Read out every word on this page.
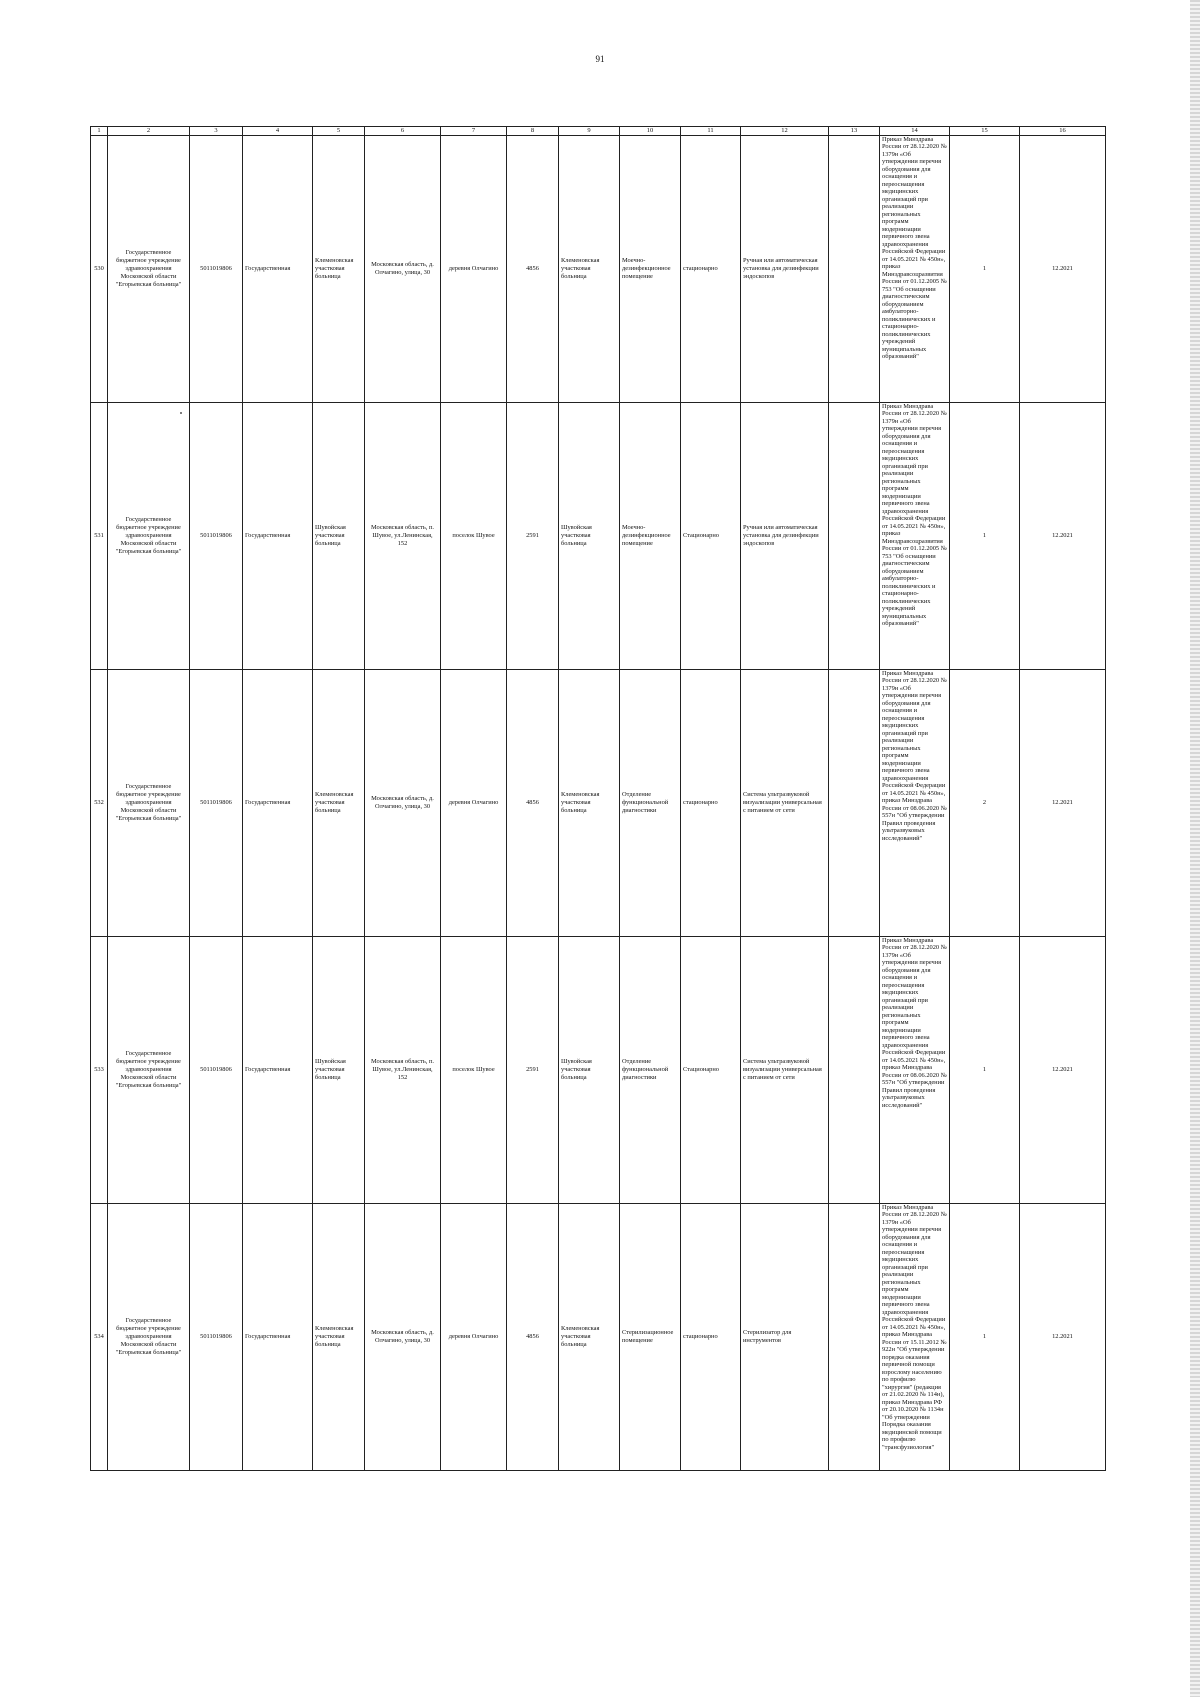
91
1	2	3	4	5	6	7	8	9	10	11	12	13	14	15	16
530	Государственное бюджетное учреждение здравоохранения Московской области "Егорьевская больница"	5011019806	Государственная	Клеменовская участковая больница	Московская область, д. Олчагино, улица, 30	деревня Олчагино	4856	Клеменовская участковая больница	Моечно-дезинфекционное помещение	стационарно	Ручная или автоматическая установка для дезинфекции эндоскопов		Приказ Минздрава России от 28.12.2020 № 1379н «Об утверждении перечня оборудования для оснащения и переоснащения медицинских организаций при реализации региональных программ модернизации первичного звена здравоохранения Российской Федерации от 14.05.2021 № 450н», приказ Минздравсоцразвития России от 01.12.2005 № 753 "Об оснащении диагностическим оборудованием амбулаторно-поликлинических и стационарно-поликлинических учреждений муниципальных образований"	1	12.2021
531	Государственное бюджетное учреждение здравоохранения Московской области "Егорьевская больница"	5011019806	Государственная	Шувойская участковая больница	Московская область, п. Шувое, ул.Ленинская, 152	поселок Шувое	2591	Шувойская участковая больница	Моечно-дезинфекционное помещение	Стационарно	Ручная или автоматическая установка для дезинфекции эндоскопов		Приказ Минздрава России от 28.12.2020 № 1379н «Об утверждении перечня оборудования для оснащения и переоснащения медицинских организаций при реализации региональных программ модернизации первичного звена здравоохранения Российской Федерации от 14.05.2021 № 450н», приказ Минздравсоцразвития России от 01.12.2005 № 753 "Об оснащении диагностическим оборудованием амбулаторно-поликлинических и стационарно-поликлинических учреждений муниципальных образований"	1	12.2021
532	Государственное бюджетное учреждение здравоохранения Московской области "Егорьевская больница"	5011019806	Государственная	Клеменовская участковая больница	Московская область, д. Олчагино, улица, 30	деревня Олчагино	4856	Клеменовская участковая больница	Отделение функциональной диагностики	стационарно	Система ультразвуковой визуализации универсальная с питанием от сети		Приказ Минздрава России от 28.12.2020 № 1379н «Об утверждении перечня оборудования для оснащения и переоснащения медицинских организаций при реализации региональных программ модернизации первичного звена здравоохранения Российской Федерации от 14.05.2021 № 450н», приказ Минздрава России от 08.06.2020 № 557н "Об утверждении Правил проведения ультразвуковых исследований"	2	12.2021
533	Государственное бюджетное учреждение здравоохранения Московской области "Егорьевская больница"	5011019806	Государственная	Шувойская участковая больница	Московская область, п. Шувое, ул.Ленинская, 152	поселок Шувое	2591	Шувойская участковая больница	Отделение функциональной диагностики	Стационарно	Система ультразвуковой визуализации универсальная с питанием от сети		Приказ Минздрава России от 28.12.2020 № 1379н «Об утверждении перечня оборудования для оснащения и переоснащения медицинских организаций при реализации региональных программ модернизации первичного звена здравоохранения Российской Федерации от 14.05.2021 № 450н», приказ Минздрава России от 08.06.2020 № 557н "Об утверждении Правил проведения ультразвуковых исследований"	1	12.2021
534	Государственное бюджетное учреждение здравоохранения Московской области "Егорьевская больница"	5011019806	Государственная	Клеменовская участковая больница	Московская область, д. Олчагино, улица, 30	деревня Олчагино	4856	Клеменовская участковая больница	Стерилизационное помещение	стационарно	Стерилизатор для инструментов		Приказ Минздрава России от 28.12.2020 № 1379н «Об утверждении перечня оборудования для оснащения и переоснащения медицинских организаций при реализации региональных программ модернизации первичного звена здравоохранения Российской Федерации от 14.05.2021 № 450н», приказ Минздрава России от 15.11.2012 № 922н "Об утверждении порядка оказания первичной помощи взрослому населению по профилю "хирургия" (редакция от 21.02.2020 № 114н), приказ Минздрава РФ от 20.10.2020 № 1134н "Об утверждении Порядка оказания медицинской помощи по профилю "трансфузиология"	1	12.2021
